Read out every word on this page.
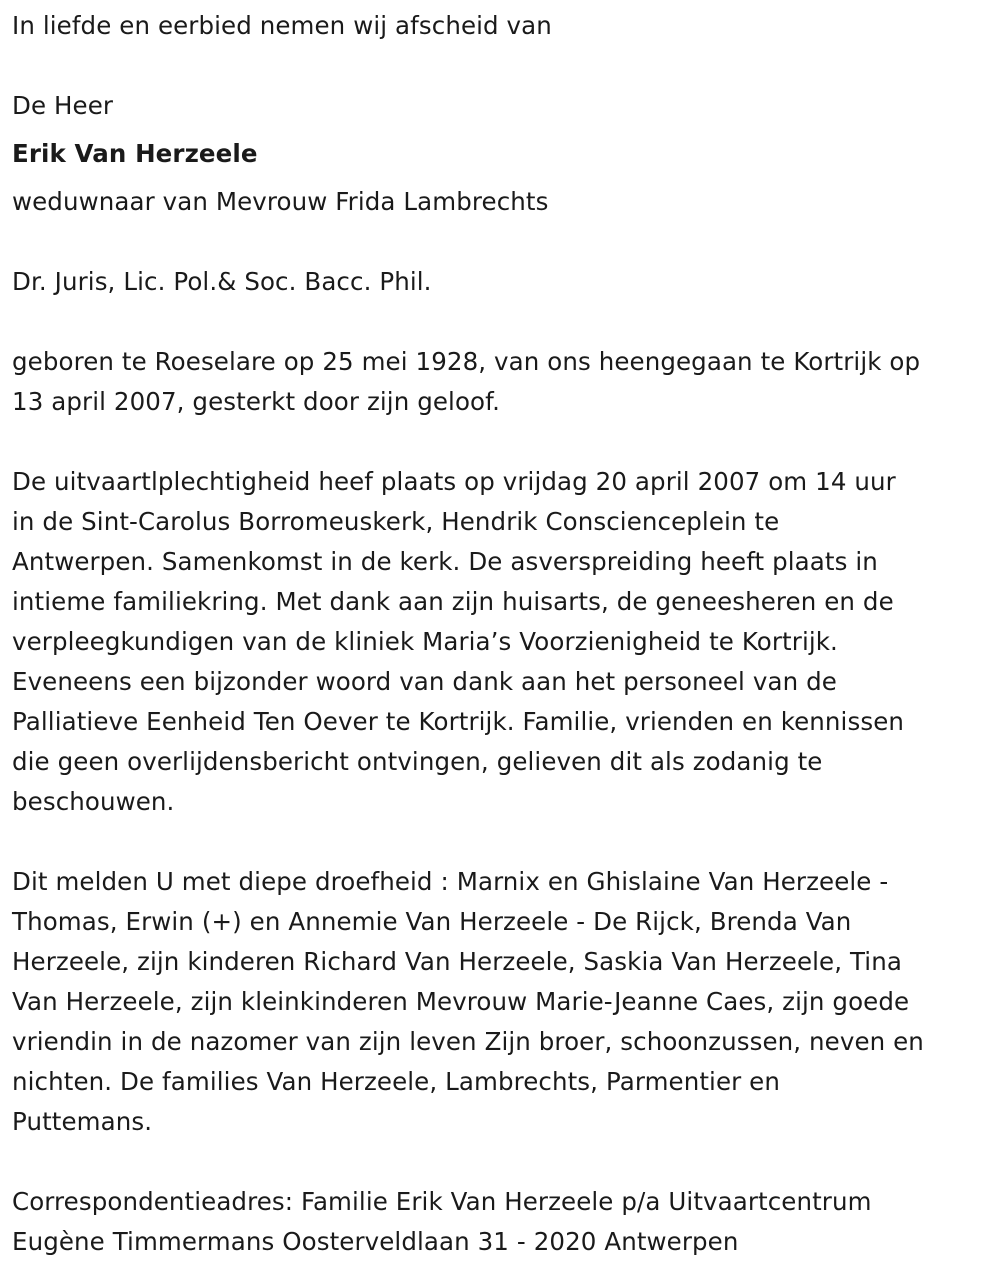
In liefde en eerbied nemen wij afscheid van
De Heer
Erik Van Herzeele
weduwnaar van Mevrouw Frida Lambrechts
Dr. Juris, Lic. Pol.& Soc. Bacc. Phil.
geboren te Roeselare op 25 mei 1928, van ons heengegaan te Kortrijk op
13 april 2007, gesterkt door zijn geloof.
De uitvaartlplechtigheid heef plaats op vrijdag 20 april 2007 om 14 uur
in de Sint-Carolus Borromeuskerk, Hendrik Conscienceplein te
Antwerpen. Samenkomst in de kerk. De asverspreiding heeft plaats in
intieme familiekring. Met dank aan zijn huisarts, de geneesheren en de
verpleegkundigen van de kliniek Maria’s Voorzienigheid te Kortrijk.
Eveneens een bijzonder woord van dank aan het personeel van de
Palliatieve Eenheid Ten Oever te Kortrijk. Familie, vrienden en kennissen
die geen overlijdensbericht ontvingen, gelieven dit als zodanig te
beschouwen.
Dit melden U met diepe droefheid : Marnix en Ghislaine Van Herzeele -
Thomas, Erwin (+) en Annemie Van Herzeele - De Rijck, Brenda Van
Herzeele, zijn kinderen Richard Van Herzeele, Saskia Van Herzeele, Tina
Van Herzeele, zijn kleinkinderen Mevrouw Marie-Jeanne Caes, zijn goede
vriendin in de nazomer van zijn leven Zijn broer, schoonzussen, neven en
nichten. De families Van Herzeele, Lambrechts, Parmentier en
Puttemans.
Correspondentieadres: Familie Erik Van Herzeele p/a Uitvaartcentrum
Eugène Timmermans Oosterveldlaan 31 - 2020 Antwerpen
